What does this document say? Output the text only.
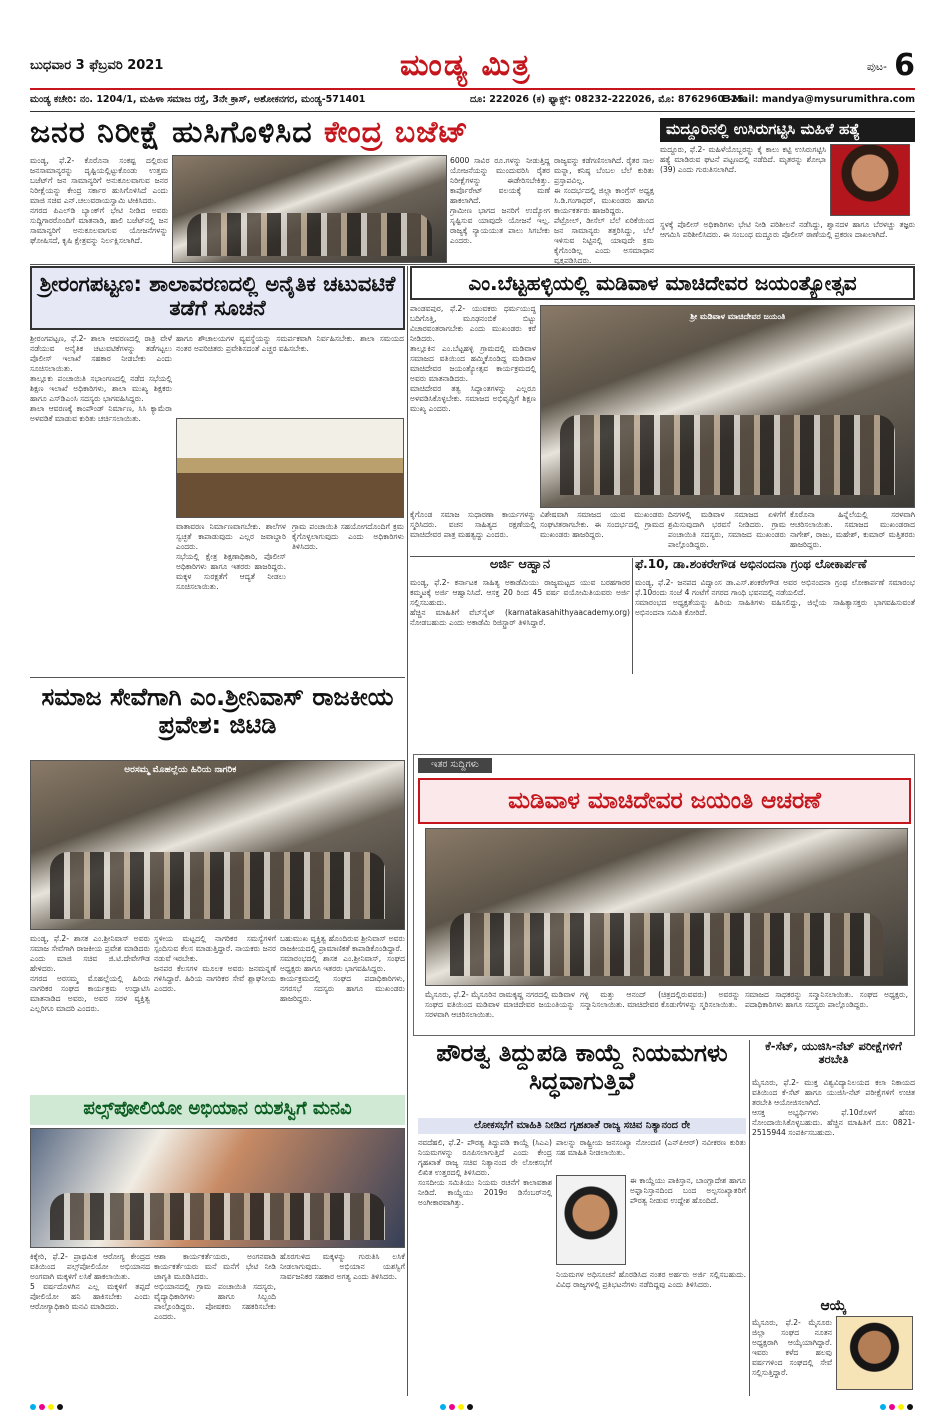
ಬುಧವಾರ 3 ಫೆಬ್ರವರಿ 2021	ಮಂಡ್ಯ ಮಿತ್ರ	ಪುಟ- 6
ಮಂಡ್ಯ ಕಚೇರಿ: ನಂ. 1204/1, ಮಹಿಳಾ ಸಮಾಜ ರಸ್ತೆ, 3ನೇ ಕ್ರಾಸ್, ಅಶೋಕನಗರ, ಮಂಡ್ಯ-571401	ದೂ: 222026 (ಕ) ಫ್ಯಾಕ್ಸ್: 08232-222026, ಮೊ: 8762960325.
E-Mail: mandya@mysurumithra.com
ಜನರ ನಿರೀಕ್ಷೆ ಹುಸಿಗೊಳಿಸಿದ ಕೇಂದ್ರ ಬಜೆಟ್	ಮದ್ದೂರಿನಲ್ಲಿ ಉಸಿರುಗಟ್ಟಿಸಿ ಮಹಿಳೆ ಹತ್ಯೆ

ಮಂಡ್ಯ, ಫೆ.2- ಕೊರೊನಾ ಸಂಕಷ್ಟ ದಲ್ಲಿರುವ ಜನಸಾಮಾನ್ಯರನ್ನು ದೃಷ್ಟಿಯಲ್ಲಿಟ್ಟುಕೊಂಡು ಉತ್ತಮ ಬಜೆಟ್‌ಗೆ ಜನ ಸಾಮಾನ್ಯರಿಗೆ ಅನುಕೂಲವಾಗುವ ಜನರ ನಿರೀಕ್ಷೆಯನ್ನು ಕೇಂದ್ರ ಸರ್ಕಾರ ಹುಸಿಗೊಳಿಸಿದೆ ಎಂದು ಮಾಜಿ ಸಚಿವ ಎನ್.ಚಲುವರಾಯಸ್ವಾಮಿ ಟೀಕಿಸಿದರು.

ನಗರದ ಪಿಎಲ್‌ಡಿ ಬ್ಯಾಂಕ್‌ಗೆ ಭೇಟಿ ನೀಡಿದ ಅವರು ಸುದ್ದಿಗಾರರೊಂದಿಗೆ ಮಾತನಾಡಿ, ಹಾಲಿ ಬಜೆಟ್‌ನಲ್ಲಿ ಜನ ಸಾಮಾನ್ಯರಿಗೆ ಅನುಕೂಲವಾಗುವ ಯೋಜನೆಗಳನ್ನು ಘೋಷಿಸದೆ, ಕೃಷಿ ಕ್ಷೇತ್ರವನ್ನು ನಿರ್ಲಕ್ಷಿಸಲಾಗಿದೆ.

6000 ಸಾವಿರ ರೂ.ಗಳನ್ನು ನೀಡುತ್ತಿದ್ದ ಯೋಜನೆಯನ್ನು ಮುಂದುವರಿಸಿ ರೈತರ ನಿರೀಕ್ಷೆಗಳನ್ನು ಈಡೇರಿಸಬೇಕಿತ್ತು. ಕಾರ್ಪೊರೇಟ್ ವಲಯಕ್ಕೆ ಮಣೆ ಹಾಕಲಾಗಿದೆ.

ಗ್ರಾಮೀಣ ಭಾಗದ ಜನರಿಗೆ ಉದ್ಯೋಗ ಸೃಷ್ಟಿಸುವ ಯಾವುದೇ ಯೋಜನೆ ಇಲ್ಲ. ರಾಜ್ಯಕ್ಕೆ ನ್ಯಾಯಯುತ ಪಾಲು ಸಿಗಬೇಕು ಎಂದರು.

ರಾಜ್ಯವನ್ನು ಕಡೆಗಣಿಸಲಾಗಿದೆ. ರೈತರ ಸಾಲ ಮನ್ನಾ, ಕನಿಷ್ಠ ಬೆಂಬಲ ಬೆಲೆ ಕುರಿತು ಪ್ರಸ್ತಾಪವಿಲ್ಲ.

ಈ ಸಂದರ್ಭದಲ್ಲಿ ಜಿಲ್ಲಾ ಕಾಂಗ್ರೆಸ್ ಅಧ್ಯಕ್ಷ ಸಿ.ಡಿ.ಗಂಗಾಧರ್, ಮುಖಂಡರು ಹಾಗೂ ಕಾರ್ಯಕರ್ತರು ಹಾಜರಿದ್ದರು.

ಪೆಟ್ರೋಲ್, ಡೀಸೆಲ್ ಬೆಲೆ ಏರಿಕೆಯಿಂದ ಜನ ಸಾಮಾನ್ಯರು ತತ್ತರಿಸಿದ್ದು, ಬೆಲೆ ಇಳಿಸುವ ನಿಟ್ಟಿನಲ್ಲಿ ಯಾವುದೇ ಕ್ರಮ ಕೈಗೊಂಡಿಲ್ಲ ಎಂದು ಅಸಮಾಧಾನ ವ್ಯಕ್ತಪಡಿಸಿದರು.

ಮದ್ದೂರು, ಫೆ.2- ಮಹಿಳೆಯೊಬ್ಬರನ್ನು ಕೈ ಕಾಲು ಕಟ್ಟಿ ಉಸಿರುಗಟ್ಟಿಸಿ ಹತ್ಯೆ ಮಾಡಿರುವ ಘಟನೆ ಪಟ್ಟಣದಲ್ಲಿ ನಡೆದಿದೆ. ಮೃತರನ್ನು ಶೋಭಾ (39) ಎಂದು ಗುರುತಿಸಲಾಗಿದೆ.

ಸ್ಥಳಕ್ಕೆ ಪೊಲೀಸ್ ಅಧಿಕಾರಿಗಳು ಭೇಟಿ ನೀಡಿ ಪರಿಶೀಲನೆ ನಡೆಸಿದ್ದು, ಶ್ವಾನದಳ ಹಾಗೂ ಬೆರಳಚ್ಚು ತಜ್ಞರು ಆಗಮಿಸಿ ಪರಿಶೀಲಿಸಿದರು. ಈ ಸಂಬಂಧ ಮದ್ದೂರು ಪೊಲೀಸ್ ಠಾಣೆಯಲ್ಲಿ ಪ್ರಕರಣ ದಾಖಲಾಗಿದೆ.

ಶ್ರೀರಂಗಪಟ್ಟಣ: ಶಾಲಾವರಣದಲ್ಲಿ ಅನೈತಿಕ ಚಟುವಟಿಕೆ ತಡೆಗೆ ಸೂಚನೆ

ಶ್ರೀರಂಗಪಟ್ಟಣ, ಫೆ.2- ಶಾಲಾ ಆವರಣದಲ್ಲಿ ರಾತ್ರಿ ವೇಳೆ ನಡೆಯುವ ಅನೈತಿಕ ಚಟುವಟಿಕೆಗಳನ್ನು ತಡೆಗಟ್ಟಲು ಪೊಲೀಸ್ ಇಲಾಖೆ ಸಹಕಾರ ನೀಡಬೇಕು ಎಂದು ಸೂಚಿಸಲಾಯಿತು.

ತಾಲ್ಲೂಕು ಪಂಚಾಯಿತಿ ಸಭಾಂಗಣದಲ್ಲಿ ನಡೆದ ಸಭೆಯಲ್ಲಿ ಶಿಕ್ಷಣ ಇಲಾಖೆ ಅಧಿಕಾರಿಗಳು, ಶಾಲಾ ಮುಖ್ಯ ಶಿಕ್ಷಕರು ಹಾಗೂ ಎಸ್‌ಡಿಎಂಸಿ ಸದಸ್ಯರು ಭಾಗವಹಿಸಿದ್ದರು.

ಶಾಲಾ ಆವರಣಕ್ಕೆ ಕಾಂಪೌಂಡ್ ನಿರ್ಮಾಣ, ಸಿಸಿ ಕ್ಯಾಮೆರಾ ಅಳವಡಿಕೆ ಮಾಡುವ ಕುರಿತು ಚರ್ಚಿಸಲಾಯಿತು.

ಹಾಗೂ ಶೌಚಾಲಯಗಳ ವ್ಯವಸ್ಥೆಯನ್ನು ಸಮರ್ಪಕವಾಗಿ ನಿರ್ವಹಿಸಬೇಕು. ಶಾಲಾ ಸಮಯದ ನಂತರ ಅಪರಿಚಿತರು ಪ್ರವೇಶಿಸದಂತೆ ಎಚ್ಚರ ವಹಿಸಬೇಕು.

ವಾತಾವರಣ ನಿರ್ಮಾಣವಾಗಬೇಕು. ಶಾಲೆಗಳ ಸ್ವಚ್ಛತೆ ಕಾಪಾಡುವುದು ಎಲ್ಲರ ಜವಾಬ್ದಾರಿ ಎಂದರು.

ಸಭೆಯಲ್ಲಿ ಕ್ಷೇತ್ರ ಶಿಕ್ಷಣಾಧಿಕಾರಿ, ಪೊಲೀಸ್ ಅಧಿಕಾರಿಗಳು ಹಾಗೂ ಇತರರು ಹಾಜರಿದ್ದರು. ಮಕ್ಕಳ ಸುರಕ್ಷತೆಗೆ ಆದ್ಯತೆ ನೀಡಲು ಸೂಚಿಸಲಾಯಿತು.

ಗ್ರಾಮ ಪಂಚಾಯಿತಿ ಸಹಯೋಗದೊಂದಿಗೆ ಕ್ರಮ ಕೈಗೊಳ್ಳಲಾಗುವುದು ಎಂದು ಅಧಿಕಾರಿಗಳು ತಿಳಿಸಿದರು.

ಎಂ.ಬೆಟ್ಟಹಳ್ಳಿಯಲ್ಲಿ ಮಡಿವಾಳ ಮಾಚಿದೇವರ ಜಯಂತ್ಯೋತ್ಸವ

ಪಾಂಡವಪುರ, ಫೆ.2- ಯುವಕರು ಧರ್ಮಯುದ್ಧ ಬದಿಗೊತ್ತಿ, ಮೂಢನಂಬಿಕೆ ಬಿಟ್ಟು ವಿಚಾರವಂತರಾಗಬೇಕು ಎಂದು ಮುಖಂಡರು ಕರೆ ನೀಡಿದರು.

ತಾಲ್ಲೂಕಿನ ಎಂ.ಬೆಟ್ಟಹಳ್ಳಿ ಗ್ರಾಮದಲ್ಲಿ ಮಡಿವಾಳ ಸಮಾಜದ ವತಿಯಿಂದ ಹಮ್ಮಿಕೊಂಡಿದ್ದ ಮಡಿವಾಳ ಮಾಚಿದೇವರ ಜಯಂತ್ಯೋತ್ಸವ ಕಾರ್ಯಕ್ರಮದಲ್ಲಿ ಅವರು ಮಾತನಾಡಿದರು.

ಮಾಚಿದೇವರ ತತ್ವ ಸಿದ್ಧಾಂತಗಳನ್ನು ಎಲ್ಲರೂ ಅಳವಡಿಸಿಕೊಳ್ಳಬೇಕು. ಸಮಾಜದ ಅಭಿವೃದ್ಧಿಗೆ ಶಿಕ್ಷಣ ಮುಖ್ಯ ಎಂದರು.

ಶ್ರೀ ಮಡಿವಾಳ ಮಾಚಿದೇವರ ಜಯಂತಿ

ಕೈಗೊಂಡ ಸಮಾಜ ಸುಧಾರಣಾ ಕಾರ್ಯಗಳನ್ನು ಸ್ಮರಿಸಿದರು. ವಚನ ಸಾಹಿತ್ಯದ ರಕ್ಷಣೆಯಲ್ಲಿ ಮಾಚಿದೇವರ ಪಾತ್ರ ಮಹತ್ವದ್ದು ಎಂದರು.

ವಿಶೇಷವಾಗಿ ಸಮಾಜದ ಯುವ ಮುಖಂಡರು ಸಂಘಟಿತರಾಗಬೇಕು. ಈ ಸಂದರ್ಭದಲ್ಲಿ ಗ್ರಾಮದ ಮುಖಂಡರು ಹಾಜರಿದ್ದರು.

ದಿನಗಳಲ್ಲಿ ಮಡಿವಾಳ ಸಮಾಜದ ಏಳಿಗೆಗೆ ಶ್ರಮಿಸುವುದಾಗಿ ಭರವಸೆ ನೀಡಿದರು. ಗ್ರಾಮ ಪಂಚಾಯಿತಿ ಸದಸ್ಯರು, ಸಮಾಜದ ಮುಖಂಡರು ಪಾಲ್ಗೊಂಡಿದ್ದರು.

ಕೊರೊನಾ ಹಿನ್ನೆಲೆಯಲ್ಲಿ ಸರಳವಾಗಿ ಆಚರಿಸಲಾಯಿತು. ಸಮಾಜದ ಮುಖಂಡರಾದ ನಾಗೇಶ್, ರಾಜು, ಮಹೇಶ್, ಕುಮಾರ್ ಮತ್ತಿತರರು ಹಾಜರಿದ್ದರು.

ಅರ್ಜಿ ಆಹ್ವಾನ

ಮಂಡ್ಯ, ಫೆ.2- ಕರ್ನಾಟಕ ಸಾಹಿತ್ಯ ಅಕಾಡೆಮಿಯು ರಾಜ್ಯಮಟ್ಟದ ಯುವ ಬರಹಗಾರರ ಕಮ್ಮಟಕ್ಕೆ ಅರ್ಜಿ ಆಹ್ವಾನಿಸಿದೆ. ಆಸಕ್ತ 20 ರಿಂದ 45 ವರ್ಷ ವಯೋಮಿತಿಯವರು ಅರ್ಜಿ ಸಲ್ಲಿಸಬಹುದು.

ಹೆಚ್ಚಿನ ಮಾಹಿತಿಗೆ ವೆಬ್‌ಸೈಟ್ (karnatakasahithyaacademy.org) ನೋಡಬಹುದು ಎಂದು ಅಕಾಡೆಮಿ ರಿಜಿಸ್ಟ್ರಾರ್ ತಿಳಿಸಿದ್ದಾರೆ.

ಫೆ.10, ಡಾ.ಶಂಕರೇಗೌಡ ಅಭಿನಂದನಾ ಗ್ರಂಥ ಲೋಕಾರ್ಪಣೆ

ಮಂಡ್ಯ, ಫೆ.2- ಜನಪದ ವಿದ್ವಾಂಸ ಡಾ.ಎಸ್.ಶಂಕರೇಗೌಡ ಅವರ ಅಭಿನಂದನಾ ಗ್ರಂಥ ಲೋಕಾರ್ಪಣೆ ಸಮಾರಂಭ ಫೆ.10ರಂದು ಸಂಜೆ 4 ಗಂಟೆಗೆ ನಗರದ ಗಾಂಧಿ ಭವನದಲ್ಲಿ ನಡೆಯಲಿದೆ.

ಸಮಾರಂಭದ ಅಧ್ಯಕ್ಷತೆಯನ್ನು ಹಿರಿಯ ಸಾಹಿತಿಗಳು ವಹಿಸಲಿದ್ದು, ಜಿಲ್ಲೆಯ ಸಾಹಿತ್ಯಾಸಕ್ತರು ಭಾಗವಹಿಸುವಂತೆ ಅಭಿನಂದನಾ ಸಮಿತಿ ಕೋರಿದೆ.

ಸಮಾಜ ಸೇವೆಗಾಗಿ ಎಂ.ಶ್ರೀನಿವಾಸ್ ರಾಜಕೀಯ ಪ್ರವೇಶ: ಜಿಟಿಡಿ
ಅರಸಮ್ಮ ಮೊಹಲ್ಲೆಯ ಹಿರಿಯ ನಾಗರಿಕ

ಮಂಡ್ಯ, ಫೆ.2- ಶಾಸಕ ಎಂ.ಶ್ರೀನಿವಾಸ್ ಅವರು ಸಮಾಜ ಸೇವೆಗಾಗಿ ರಾಜಕೀಯ ಪ್ರವೇಶ ಮಾಡಿದರು ಎಂದು ಮಾಜಿ ಸಚಿವ ಜಿ.ಟಿ.ದೇವೇಗೌಡ ಹೇಳಿದರು.

ನಗರದ ಅರಸಮ್ಮ ಮೊಹಲ್ಲೆಯಲ್ಲಿ ಹಿರಿಯ ನಾಗರಿಕರ ಸಂಘದ ಕಾರ್ಯಕ್ರಮ ಉದ್ಘಾಟಿಸಿ ಮಾತನಾಡಿದ ಅವರು, ಅವರ ಸರಳ ವ್ಯಕ್ತಿತ್ವ ಎಲ್ಲರಿಗೂ ಮಾದರಿ ಎಂದರು.

ಸ್ಥಳೀಯ ಮಟ್ಟದಲ್ಲಿ ನಾಗರಿಕರ ಸಮಸ್ಯೆಗಳಿಗೆ ಸ್ಪಂದಿಸುವ ಕೆಲಸ ಮಾಡುತ್ತಿದ್ದಾರೆ. ನಾಯಕರು ಜನರ ನಡುವೆ ಇರಬೇಕು.

ಜನಪರ ಕೆಲಸಗಳ ಮೂಲಕ ಅವರು ಜನಮನ್ನಣೆ ಗಳಿಸಿದ್ದಾರೆ. ಹಿರಿಯ ನಾಗರಿಕರ ಸೇವೆ ಶ್ಲಾಘನೀಯ ಎಂದರು.

ಬಹುಮುಖ ವ್ಯಕ್ತಿತ್ವ ಹೊಂದಿರುವ ಶ್ರೀನಿವಾಸ್ ಅವರು ರಾಜಕೀಯದಲ್ಲಿ ಪ್ರಾಮಾಣಿಕತೆ ಕಾಪಾಡಿಕೊಂಡಿದ್ದಾರೆ.

ಸಮಾರಂಭದಲ್ಲಿ ಶಾಸಕ ಎಂ.ಶ್ರೀನಿವಾಸ್, ಸಂಘದ ಅಧ್ಯಕ್ಷರು ಹಾಗೂ ಇತರರು ಭಾಗವಹಿಸಿದ್ದರು.

ಕಾರ್ಯಕ್ರಮದಲ್ಲಿ ಸಂಘದ ಪದಾಧಿಕಾರಿಗಳು, ನಗರಸಭೆ ಸದಸ್ಯರು ಹಾಗೂ ಮುಖಂಡರು ಹಾಜರಿದ್ದರು.

ಇತರ ಸುದ್ದಿಗಳು
ಮಡಿವಾಳ ಮಾಚಿದೇವರ ಜಯಂತಿ ಆಚರಣೆ

ಮೈಸೂರು, ಫೆ.2- ಮೈಸೂರಿನ ರಾಮಕೃಷ್ಣ ನಗರದಲ್ಲಿ ಮಡಿವಾಳ ಸಂಘದ ವತಿಯಿಂದ ಮಡಿವಾಳ ಮಾಚಿದೇವರ ಜಯಂತಿಯನ್ನು ಸರಳವಾಗಿ ಆಚರಿಸಲಾಯಿತು.

ಗಳ್ಳಿ ಮತ್ತು ಆನಂದ್ (ಚಿತ್ರದಲ್ಲಿರುವವರು) ಅವರನ್ನು ಸನ್ಮಾನಿಸಲಾಯಿತು. ಮಾಚಿದೇವರ ಕೊಡುಗೆಗಳನ್ನು ಸ್ಮರಿಸಲಾಯಿತು.

ಸಮಾಜದ ಸಾಧಕರನ್ನು ಸನ್ಮಾನಿಸಲಾಯಿತು. ಸಂಘದ ಅಧ್ಯಕ್ಷರು, ಪದಾಧಿಕಾರಿಗಳು ಹಾಗೂ ಸದಸ್ಯರು ಪಾಲ್ಗೊಂಡಿದ್ದರು.

ಪೌರತ್ವ ತಿದ್ದುಪಡಿ ಕಾಯ್ದೆ ನಿಯಮಗಳು ಸಿದ್ಧವಾಗುತ್ತಿವೆ
ಲೋಕಸಭೆಗೆ ಮಾಹಿತಿ ನೀಡಿದ ಗೃಹಖಾತೆ ರಾಜ್ಯ ಸಚಿವ ನಿತ್ಯಾನಂದ ರೇ

ನವದೆಹಲಿ, ಫೆ.2- ಪೌರತ್ವ ತಿದ್ದುಪಡಿ ಕಾಯ್ದೆ (ಸಿಎಎ) ನಿಯಮಗಳನ್ನು ರೂಪಿಸಲಾಗುತ್ತಿದೆ ಎಂದು ಕೇಂದ್ರ ಗೃಹಖಾತೆ ರಾಜ್ಯ ಸಚಿವ ನಿತ್ಯಾನಂದ ರೇ ಲೋಕಸಭೆಗೆ ಲಿಖಿತ ಉತ್ತರದಲ್ಲಿ ತಿಳಿಸಿದರು.

ಸಂಸದೀಯ ಸಮಿತಿಯು ನಿಯಮ ರಚನೆಗೆ ಕಾಲಾವಕಾಶ ನೀಡಿದೆ. ಕಾಯ್ದೆಯು 2019ರ ಡಿಸೆಂಬರ್‌ನಲ್ಲಿ ಅಂಗೀಕಾರವಾಗಿತ್ತು.

ಪಾಲನ್ನು ರಾಷ್ಟ್ರೀಯ ಜನಸಂಖ್ಯಾ ನೋಂದಣಿ (ಎನ್‌ಪಿಆರ್) ನವೀಕರಣ ಕುರಿತು ಸಹ ಮಾಹಿತಿ ನೀಡಲಾಯಿತು.

ಈ ಕಾಯ್ದೆಯು ಪಾಕಿಸ್ತಾನ, ಬಾಂಗ್ಲಾದೇಶ ಹಾಗೂ ಅಫ್ಘಾನಿಸ್ತಾನದಿಂದ ಬಂದ ಅಲ್ಪಸಂಖ್ಯಾತರಿಗೆ ಪೌರತ್ವ ನೀಡುವ ಉದ್ದೇಶ ಹೊಂದಿದೆ.

ನಿಯಮಗಳ ಅಧಿಸೂಚನೆ ಹೊರಡಿಸಿದ ನಂತರ ಅರ್ಹರು ಅರ್ಜಿ ಸಲ್ಲಿಸಬಹುದು. ವಿವಿಧ ರಾಜ್ಯಗಳಲ್ಲಿ ಪ್ರತಿಭಟನೆಗಳು ನಡೆದಿದ್ದವು ಎಂದು ತಿಳಿಸಿದರು.

ಕೆ-ಸೆಟ್, ಯುಜಿಸಿ-ನೆಟ್ ಪರೀಕ್ಷೆಗಳಿಗೆ ತರಬೇತಿ

ಮೈಸೂರು, ಫೆ.2- ಮುಕ್ತ ವಿಶ್ವವಿದ್ಯಾನಿಲಯದ ಕಲಾ ನಿಕಾಯದ ವತಿಯಿಂದ ಕೆ-ಸೆಟ್ ಹಾಗೂ ಯುಜಿಸಿ-ನೆಟ್ ಪರೀಕ್ಷೆಗಳಿಗೆ ಉಚಿತ ತರಬೇತಿ ಆಯೋಜಿಸಲಾಗಿದೆ.

ಆಸಕ್ತ ಅಭ್ಯರ್ಥಿಗಳು ಫೆ.10ರೊಳಗೆ ಹೆಸರು ನೋಂದಾಯಿಸಿಕೊಳ್ಳಬಹುದು. ಹೆಚ್ಚಿನ ಮಾಹಿತಿಗೆ ದೂ: 0821-2515944 ಸಂಪರ್ಕಿಸಬಹುದು.

ಆಯ್ಕೆ

ಮೈಸೂರು, ಫೆ.2- ಮೈಸೂರು ಜಿಲ್ಲಾ ಸಂಘದ ನೂತನ ಅಧ್ಯಕ್ಷರಾಗಿ ಆಯ್ಕೆಯಾಗಿದ್ದಾರೆ. ಇವರು ಕಳೆದ ಹಲವು ವರ್ಷಗಳಿಂದ ಸಂಘದಲ್ಲಿ ಸೇವೆ ಸಲ್ಲಿಸುತ್ತಿದ್ದಾರೆ.

ಪಲ್ಸ್‌ಪೋಲಿಯೋ ಅಭಿಯಾನ ಯಶಸ್ವಿಗೆ ಮನವಿ

ಕಿಕ್ಕೇರಿ, ಫೆ.2- ಪ್ರಾಥಮಿಕ ಆರೋಗ್ಯ ಕೇಂದ್ರದ ವತಿಯಿಂದ ಪಲ್ಸ್‌ಪೋಲಿಯೋ ಅಭಿಯಾನದ ಅಂಗವಾಗಿ ಮಕ್ಕಳಿಗೆ ಲಸಿಕೆ ಹಾಕಲಾಯಿತು.

5 ವರ್ಷದೊಳಗಿನ ಎಲ್ಲ ಮಕ್ಕಳಿಗೆ ತಪ್ಪದೆ ಪೋಲಿಯೋ ಹನಿ ಹಾಕಿಸಬೇಕು ಎಂದು ಆರೋಗ್ಯಾಧಿಕಾರಿ ಮನವಿ ಮಾಡಿದರು.

ಆಶಾ ಕಾರ್ಯಕರ್ತೆಯರು, ಅಂಗನವಾಡಿ ಕಾರ್ಯಕರ್ತೆಯರು ಮನೆ ಮನೆಗೆ ಭೇಟಿ ನೀಡಿ ಜಾಗೃತಿ ಮೂಡಿಸಿದರು.

ಅಭಿಯಾನದಲ್ಲಿ ಗ್ರಾಮ ಪಂಚಾಯಿತಿ ಸದಸ್ಯರು, ವೈದ್ಯಾಧಿಕಾರಿಗಳು ಹಾಗೂ ಸಿಬ್ಬಂದಿ ಪಾಲ್ಗೊಂಡಿದ್ದರು. ಪೋಷಕರು ಸಹಕರಿಸಬೇಕು ಎಂದರು.

ಹೊರಗುಳಿದ ಮಕ್ಕಳನ್ನು ಗುರುತಿಸಿ ಲಸಿಕೆ ನೀಡಲಾಗುವುದು. ಅಭಿಯಾನ ಯಶಸ್ವಿಗೆ ಸಾರ್ವಜನಿಕರ ಸಹಕಾರ ಅಗತ್ಯ ಎಂದು ತಿಳಿಸಿದರು.
